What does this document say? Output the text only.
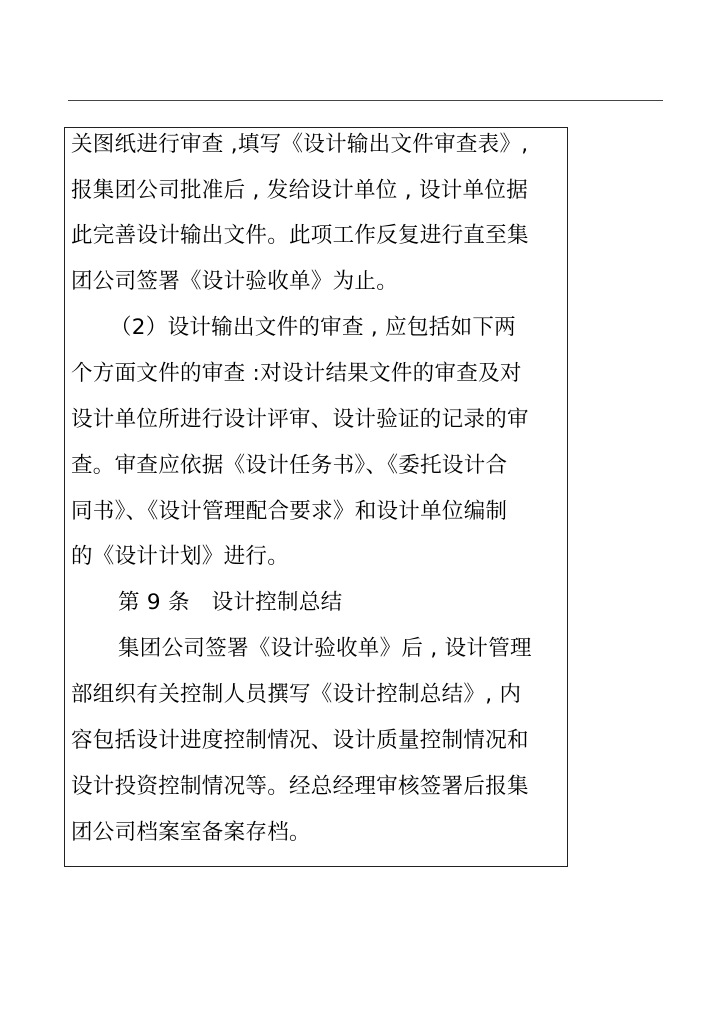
关图纸进行审查 ,填写《设计输出文件审查表》,
报集团公司批准后 , 发给设计单位 , 设计单位据
此完善设计输出文件。此项工作反复进行直至集
团公司签署《设计验收单》为止。
（2）设计输出文件的审查 , 应包括如下两
个方面文件的审查 :对设计结果文件的审查及对
设计单位所进行设计评审、设计验证的记录的审
查。审查应依据《设计任务书》、《委托设计合
同书》、《设计管理配合要求》和设计单位编制
的《设计计划》进行。
第 9 条　设计控制总结
集团公司签署《设计验收单》后 , 设计管理
部组织有关控制人员撰写《设计控制总结》, 内
容包括设计进度控制情况、设计质量控制情况和
设计投资控制情况等。经总经理审核签署后报集
团公司档案室备案存档。
